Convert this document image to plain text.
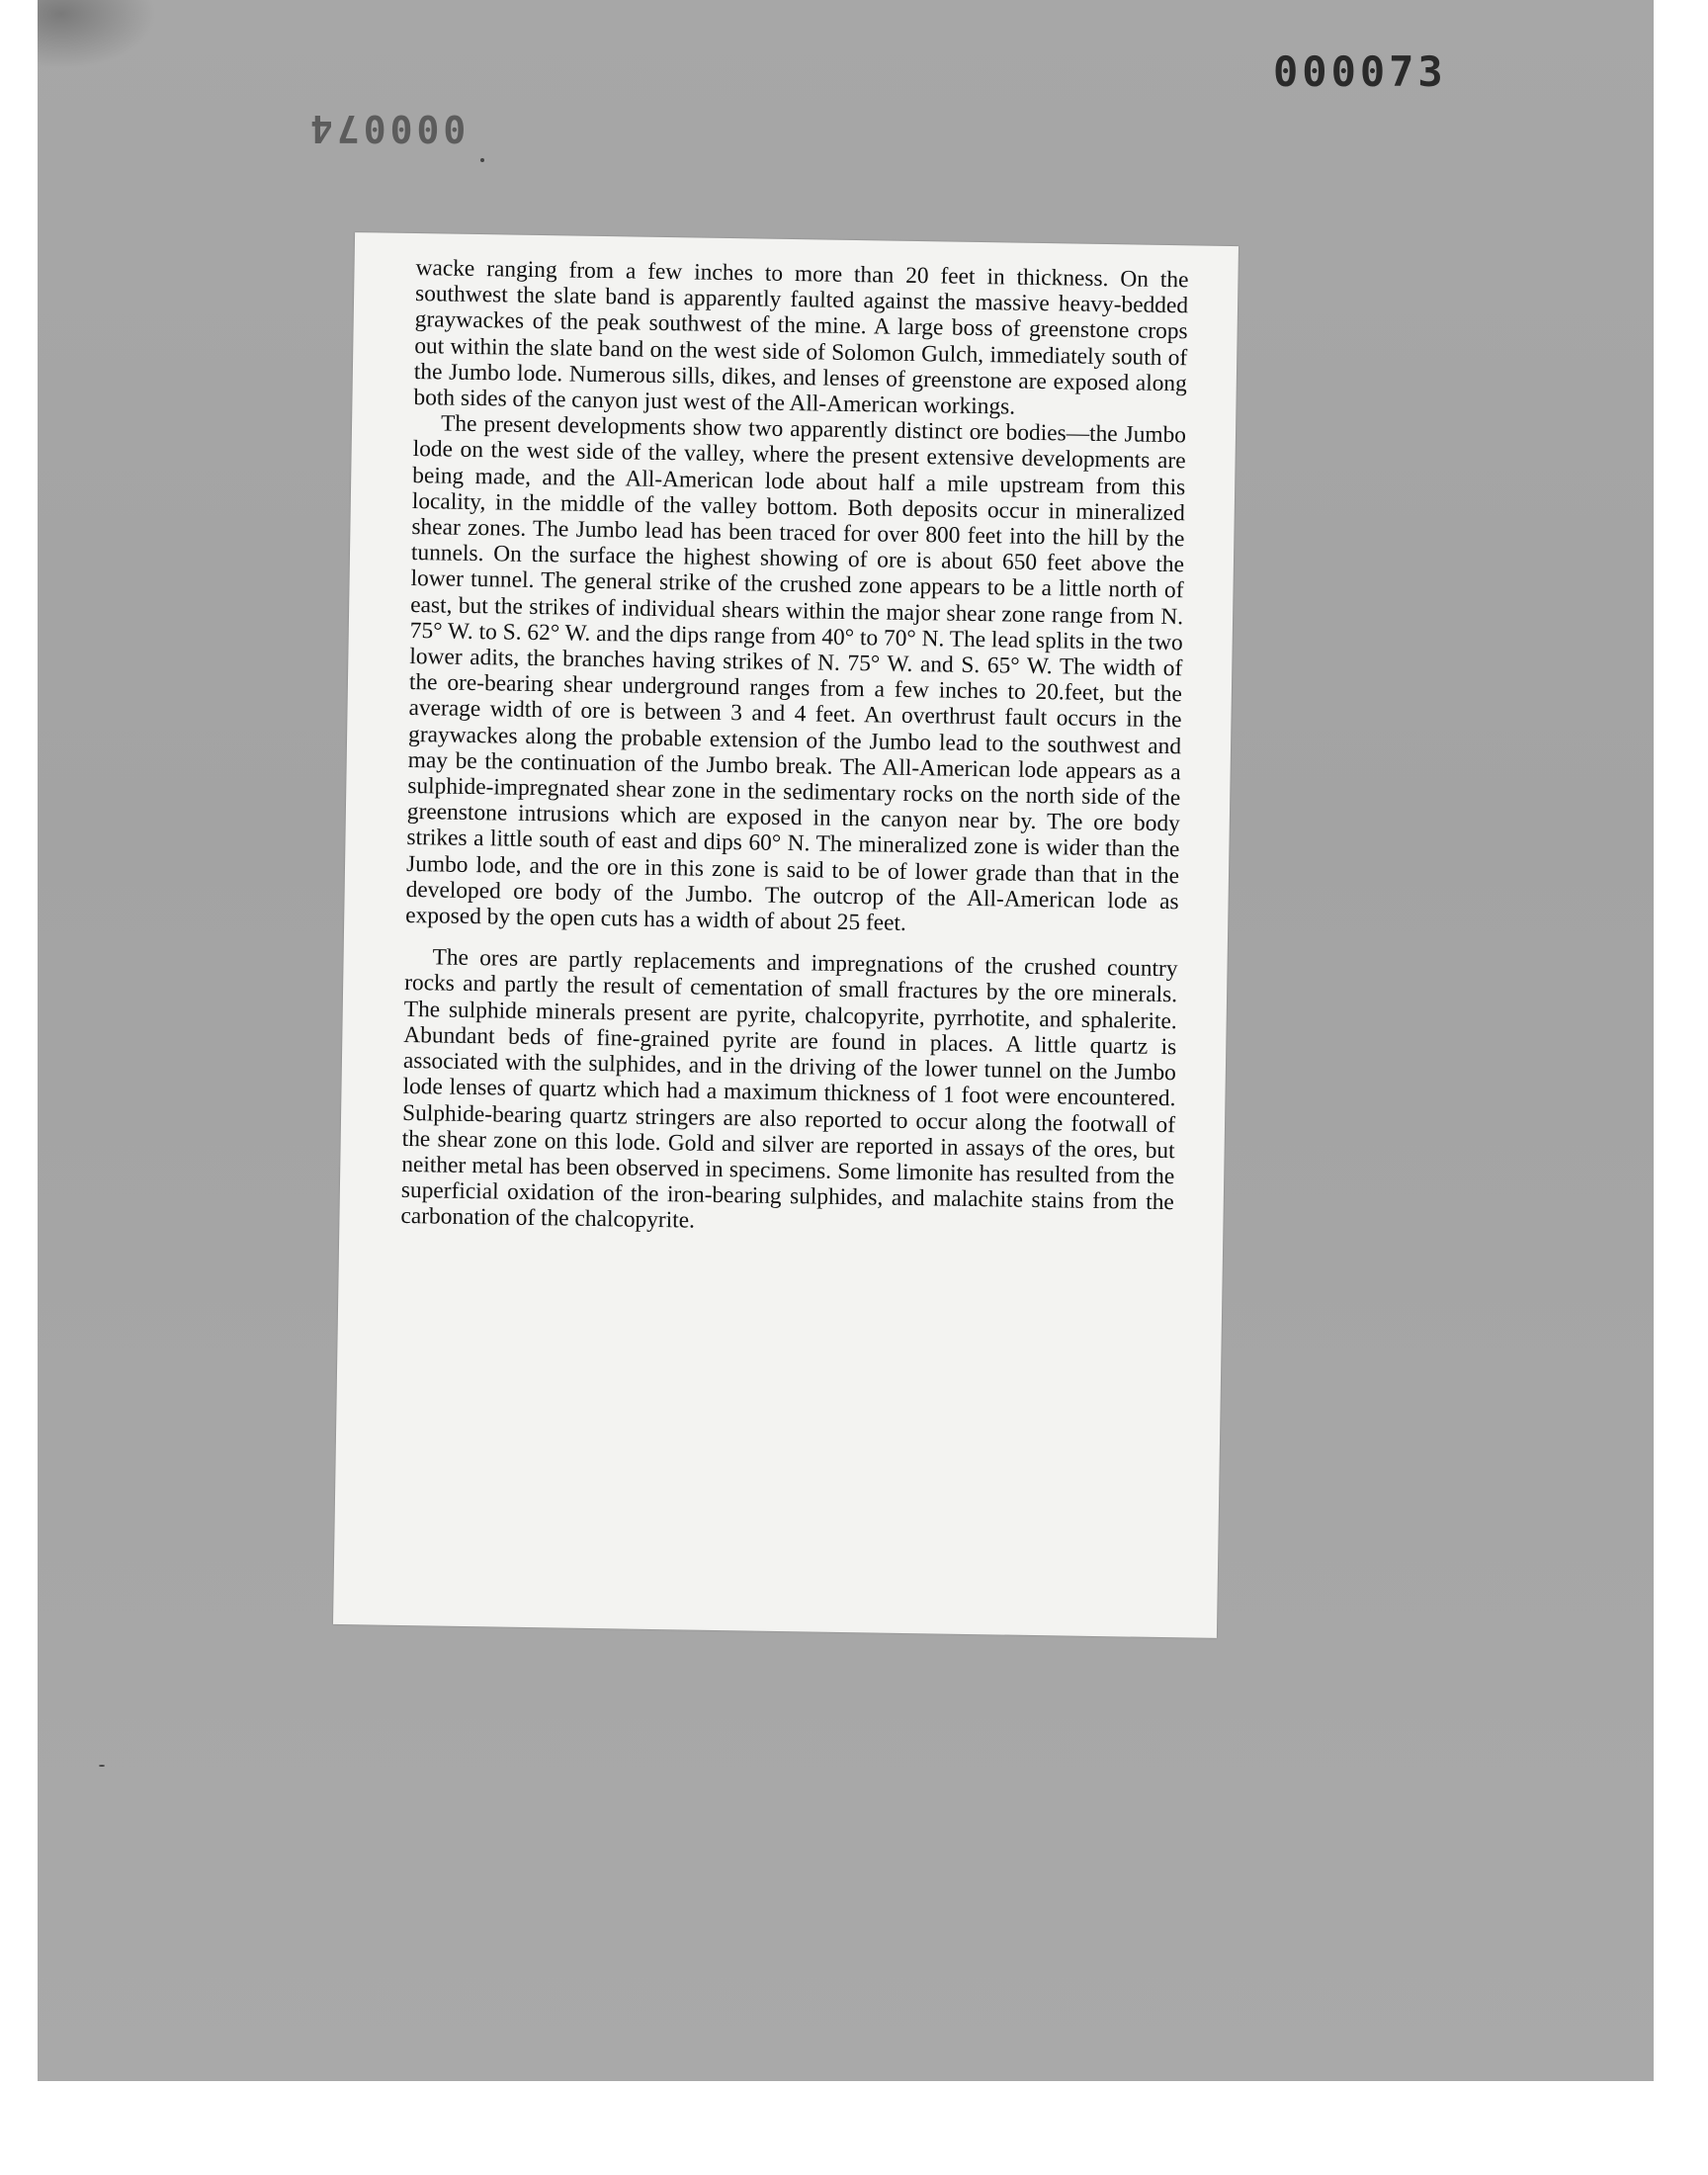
000073
000074

wacke ranging from a few inches to more than 20 feet in thickness. On the southwest the slate band is apparently faulted against the massive heavy-bedded graywackes of the peak southwest of the mine. A large boss of greenstone crops out within the slate band on the west side of Solomon Gulch, immediately south of the Jumbo lode. Numerous sills, dikes, and lenses of greenstone are exposed along both sides of the canyon just west of the All-American workings.

The present developments show two apparently distinct ore bodies—the Jumbo lode on the west side of the valley, where the present extensive developments are being made, and the All-American lode about half a mile upstream from this locality, in the middle of the valley bottom. Both deposits occur in mineralized shear zones. The Jumbo lead has been traced for over 800 feet into the hill by the tunnels. On the surface the highest showing of ore is about 650 feet above the lower tunnel. The general strike of the crushed zone appears to be a little north of east, but the strikes of individual shears within the major shear zone range from N. 75° W. to S. 62° W. and the dips range from 40° to 70° N. The lead splits in the two lower adits, the branches having strikes of N. 75° W. and S. 65° W. The width of the ore-bearing shear underground ranges from a few inches to 20.feet, but the average width of ore is between 3 and 4 feet. An overthrust fault occurs in the graywackes along the probable extension of the Jumbo lead to the southwest and may be the continuation of the Jumbo break. The All-American lode appears as a sulphide-impregnated shear zone in the sedimentary rocks on the north side of the greenstone intrusions which are exposed in the canyon near by. The ore body strikes a little south of east and dips 60° N. The mineralized zone is wider than the Jumbo lode, and the ore in this zone is said to be of lower grade than that in the developed ore body of the Jumbo. The outcrop of the All-American lode as exposed by the open cuts has a width of about 25 feet.

The ores are partly replacements and impregnations of the crushed country rocks and partly the result of cementation of small fractures by the ore minerals. The sulphide minerals present are pyrite, chalcopyrite, pyrrhotite, and sphalerite. Abundant beds of fine-grained pyrite are found in places. A little quartz is associated with the sulphides, and in the driving of the lower tunnel on the Jumbo lode lenses of quartz which had a maximum thickness of 1 foot were encountered. Sulphide-bearing quartz stringers are also reported to occur along the footwall of the shear zone on this lode. Gold and silver are reported in assays of the ores, but neither metal has been observed in specimens. Some limonite has resulted from the superficial oxidation of the iron-bearing sulphides, and malachite stains from the carbonation of the chalcopyrite.
